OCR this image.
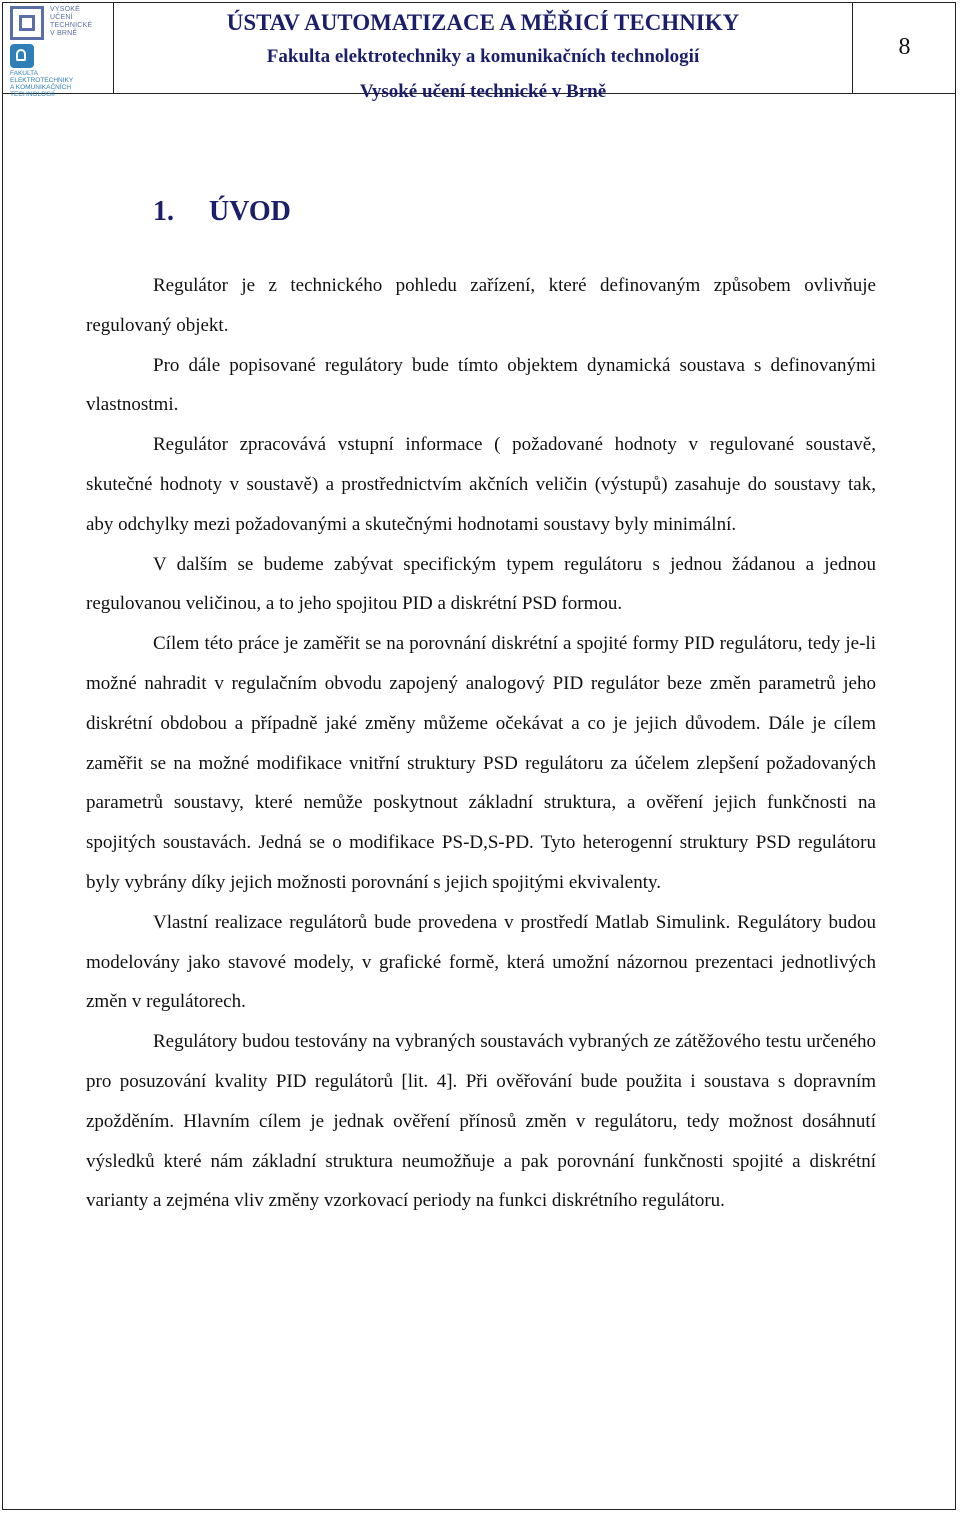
VYSOKÉ
UČENÍ
TECHNICKÉ
V BRNĚ
FAKULTA
ELEKTROTECHNIKY
A KOMUNIKAČNÍCH
TECHNOLOGIÍ
ÚSTAV AUTOMATIZACE A MĚŘICÍ TECHNIKY
Fakulta elektrotechniky a komunikačních technologií
Vysoké učení technické v Brně
8
1. ÚVOD

Regulátor je z technického pohledu zařízení, které definovaným způsobem ovlivňuje regulovaný objekt.

Pro dále popisované regulátory bude tímto objektem dynamická soustava s definovanými vlastnostmi.

Regulátor zpracovává vstupní informace ( požadované hodnoty v regulované soustavě, skutečné hodnoty v soustavě) a prostřednictvím akčních veličin (výstupů) zasahuje do soustavy tak, aby odchylky mezi požadovanými a skutečnými hodnotami soustavy byly minimální.

V dalším se budeme zabývat specifickým typem regulátoru s jednou žádanou a jednou regulovanou veličinou, a to jeho spojitou PID a diskrétní PSD formou.

Cílem této práce je zaměřit se na porovnání diskrétní a spojité formy PID regulátoru, tedy je-li možné nahradit v regulačním obvodu zapojený analogový PID regulátor beze změn parametrů jeho diskrétní obdobou a případně jaké změny můžeme očekávat a co je jejich důvodem. Dále je cílem zaměřit se na možné modifikace vnitřní struktury PSD regulátoru za účelem zlepšení požadovaných parametrů soustavy, které nemůže poskytnout základní struktura, a ověření jejich funkčnosti na spojitých soustavách. Jedná se o modifikace PS-D,S-PD. Tyto heterogenní struktury PSD regulátoru byly vybrány díky jejich možnosti porovnání s jejich spojitými ekvivalenty.

Vlastní realizace regulátorů bude provedena v prostředí Matlab Simulink. Regulátory budou modelovány jako stavové modely, v grafické formě, která umožní názornou prezentaci jednotlivých změn v regulátorech.

Regulátory budou testovány na vybraných soustavách vybraných ze zátěžového testu určeného pro posuzování kvality PID regulátorů [lit. 4]. Při ověřování bude použita i soustava s dopravním zpožděním. Hlavním cílem je jednak ověření přínosů změn v regulátoru, tedy možnost dosáhnutí výsledků které nám základní struktura neumožňuje a pak porovnání funkčnosti spojité a diskrétní varianty a zejména vliv změny vzorkovací periody na funkci diskrétního regulátoru.
